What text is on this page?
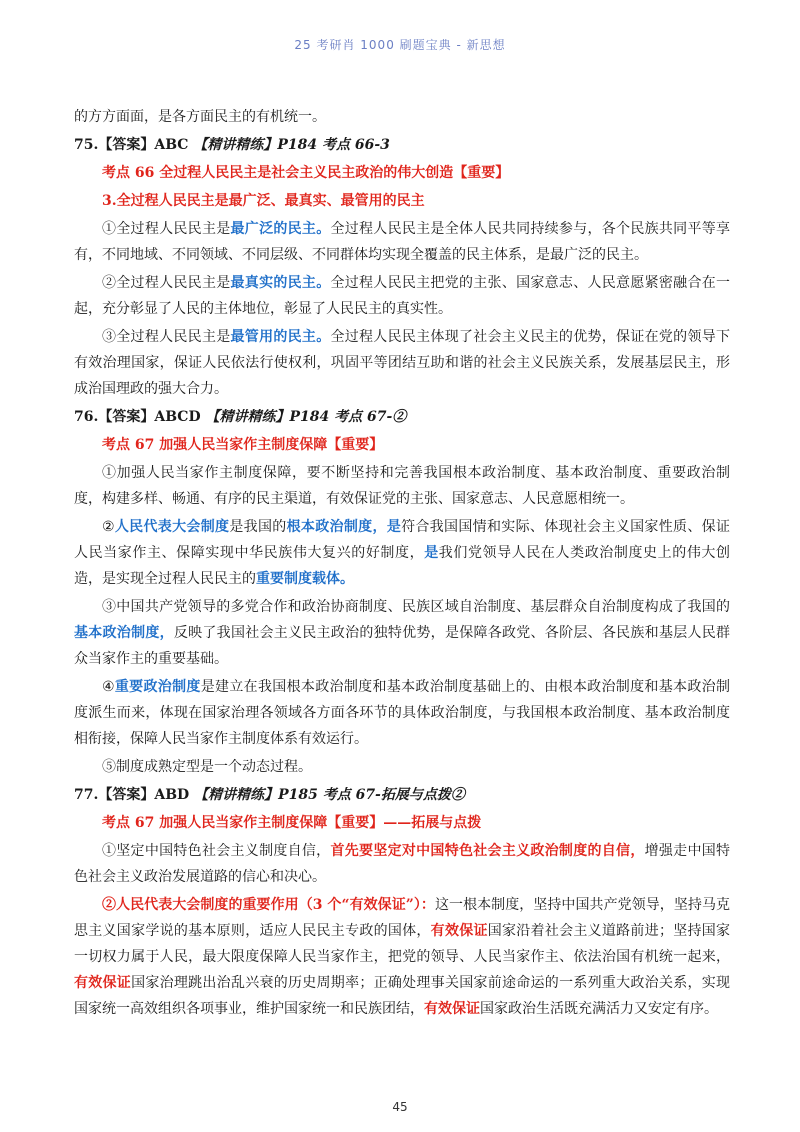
25 考研肖 1000 刷题宝典 - 新思想

的方方面面，是各方面民主的有机统一。

75.【答案】ABC 【精讲精练】P184 考点 66-3

考点 66 全过程人民民主是社会主义民主政治的伟大创造【重要】

3.全过程人民民主是最广泛、最真实、最管用的民主

①全过程人民民主是最广泛的民主。全过程人民民主是全体人民共同持续参与，各个民族共同平等享有，不同地域、不同领域、不同层级、不同群体均实现全覆盖的民主体系，是最广泛的民主。

②全过程人民民主是最真实的民主。全过程人民民主把党的主张、国家意志、人民意愿紧密融合在一起，充分彰显了人民的主体地位，彰显了人民民主的真实性。

③全过程人民民主是最管用的民主。全过程人民民主体现了社会主义民主的优势，保证在党的领导下有效治理国家，保证人民依法行使权利，巩固平等团结互助和谐的社会主义民族关系，发展基层民主，形成治国理政的强大合力。

76.【答案】ABCD 【精讲精练】P184 考点 67-②

考点 67 加强人民当家作主制度保障【重要】

①加强人民当家作主制度保障，要不断坚持和完善我国根本政治制度、基本政治制度、重要政治制度，构建多样、畅通、有序的民主渠道，有效保证党的主张、国家意志、人民意愿相统一。

②人民代表大会制度是我国的根本政治制度，是符合我国国情和实际、体现社会主义国家性质、保证人民当家作主、保障实现中华民族伟大复兴的好制度，是我们党领导人民在人类政治制度史上的伟大创造，是实现全过程人民民主的重要制度载体。

③中国共产党领导的多党合作和政治协商制度、民族区域自治制度、基层群众自治制度构成了我国的基本政治制度，反映了我国社会主义民主政治的独特优势，是保障各政党、各阶层、各民族和基层人民群众当家作主的重要基础。

④重要政治制度是建立在我国根本政治制度和基本政治制度基础上的、由根本政治制度和基本政治制度派生而来，体现在国家治理各领域各方面各环节的具体政治制度，与我国根本政治制度、基本政治制度相衔接，保障人民当家作主制度体系有效运行。

⑤制度成熟定型是一个动态过程。

77.【答案】ABD 【精讲精练】P185 考点 67-拓展与点拨②

考点 67 加强人民当家作主制度保障【重要】——拓展与点拨

①坚定中国特色社会主义制度自信，首先要坚定对中国特色社会主义政治制度的自信，增强走中国特色社会主义政治发展道路的信心和决心。

②人民代表大会制度的重要作用（3 个“有效保证”）：这一根本制度，坚持中国共产党领导，坚持马克思主义国家学说的基本原则，适应人民民主专政的国体，有效保证国家沿着社会主义道路前进；坚持国家一切权力属于人民，最大限度保障人民当家作主，把党的领导、人民当家作主、依法治国有机统一起来，有效保证国家治理跳出治乱兴衰的历史周期率；正确处理事关国家前途命运的一系列重大政治关系，实现国家统一高效组织各项事业，维护国家统一和民族团结，有效保证国家政治生活既充满活力又安定有序。

45
